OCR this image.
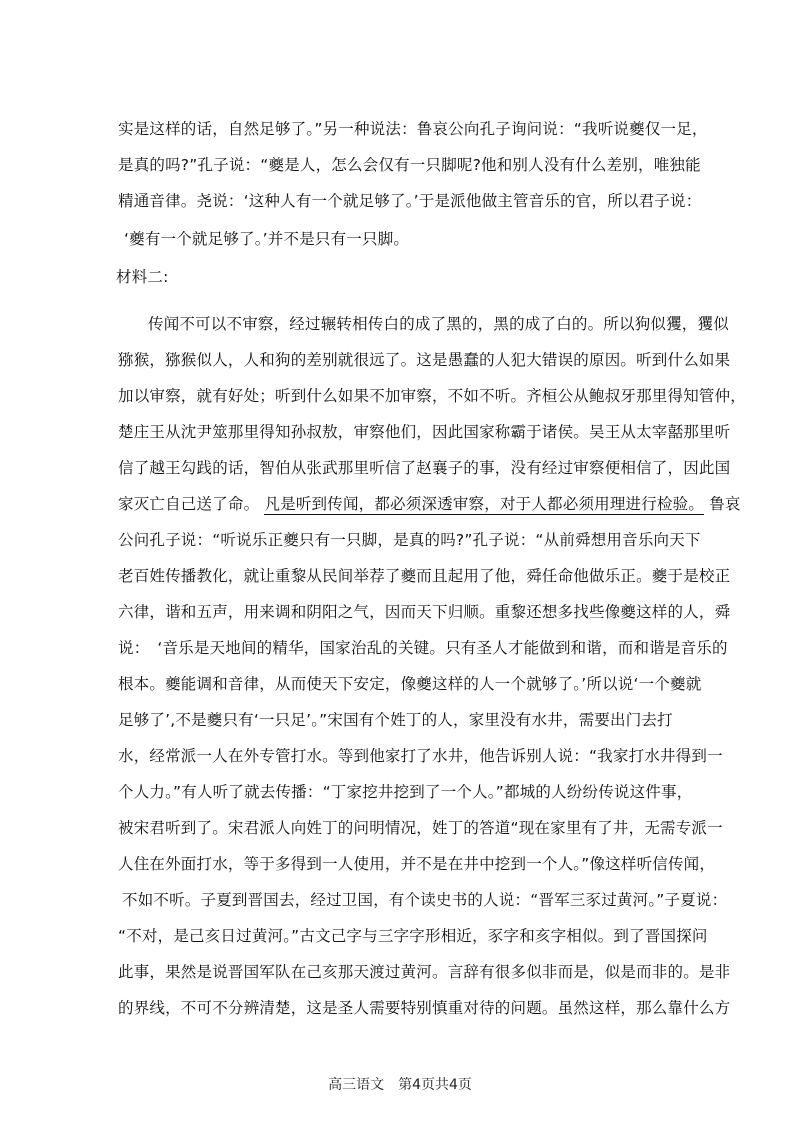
实是这样的话，自然足够了。”另一种说法：鲁哀公向孔子询问说：“我听说夔仅一足，
是真的吗?”孔子说：“夔是人，怎么会仅有一只脚呢?他和别人没有什么差别，唯独能
精通音律。尧说：‘这种人有一个就足够了。’于是派他做主管音乐的官，所以君子说：
‘夔有一个就足够了。’并不是只有一只脚。
材料二:
传闻不可以不审察，经过辗转相传白的成了黑的，黑的成了白的。所以狗似玃，玃似
猕猴，猕猴似人，人和狗的差别就很远了。这是愚蠢的人犯大错误的原因。听到什么如果
加以审察，就有好处；听到什么如果不加审察，不如不听。齐桓公从鲍叔牙那里得知管仲，
楚庄王从沈尹筮那里得知孙叔敖，审察他们，因此国家称霸于诸侯。吴王从太宰嚭那里听
信了越王勾践的话，智伯从张武那里听信了赵襄子的事，没有经过审察便相信了，因此国
家灭亡自己送了命。 凡是听到传闻，都必须深透审察，对于人都必须用理进行检验。 鲁哀
公问孔子说：“听说乐正夔只有一只脚，是真的吗?”孔子说：“从前舜想用音乐向天下
老百姓传播教化，就让重黎从民间举荐了夔而且起用了他，舜任命他做乐正。夔于是校正
六律，谐和五声，用来调和阴阳之气，因而天下归顺。重黎还想多找些像夔这样的人，舜
说：　‘音乐是天地间的精华，国家治乱的关键。只有圣人才能做到和谐，而和谐是音乐的
根本。夔能调和音律，从而使天下安定，像夔这样的人一个就够了。’所以说‘一个夔就
足够了’,不是夔只有‘一只足’。”宋国有个姓丁的人，家里没有水井，需要出门去打
水，经常派一人在外专管打水。等到他家打了水井，他告诉别人说：“我家打水井得到一
个人力。”有人听了就去传播：“丁家挖井挖到了一个人。”都城的人纷纷传说这件事，
被宋君听到了。宋君派人向姓丁的问明情况，姓丁的答道“现在家里有了井，无需专派一
人住在外面打水，等于多得到一人使用，并不是在井中挖到一个人。”像这样听信传闻，
不如不听。子夏到晋国去，经过卫国，有个读史书的人说：“晋军三豕过黄河。”子夏说：
“不对，是己亥日过黄河。”古文己字与三字字形相近，豕字和亥字相似。到了晋国探问
此事，果然是说晋国军队在己亥那天渡过黄河。言辞有很多似非而是，似是而非的。是非
的界线，不可不分辨清楚，这是圣人需要特别慎重对待的问题。虽然这样，那么靠什么方
高三语文　第4页共4页
